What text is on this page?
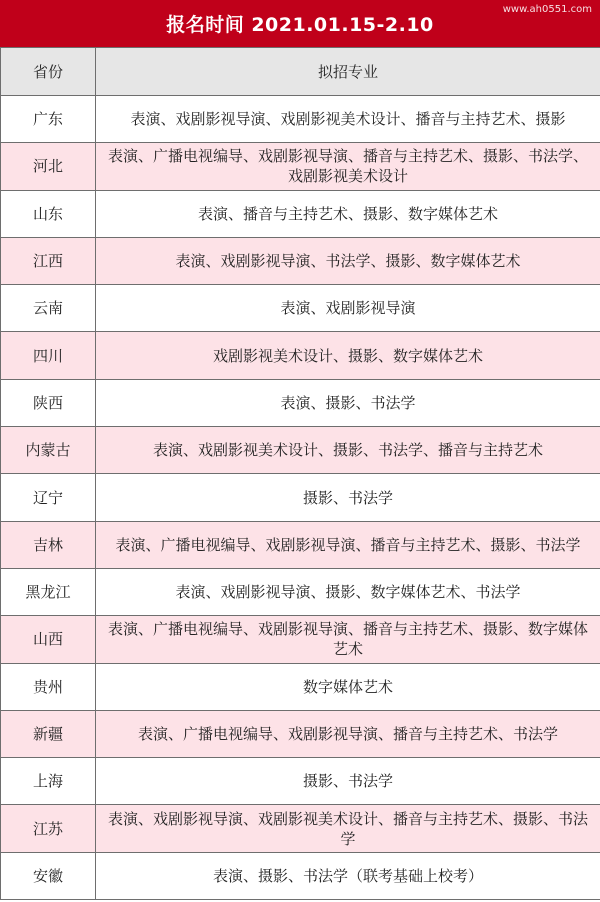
报名时间 2021.01.15-2.10
www.ah0551.com
省份	拟招专业
广东	表演、戏剧影视导演、戏剧影视美术设计、播音与主持艺术、摄影
河北	表演、广播电视编导、戏剧影视导演、播音与主持艺术、摄影、书法学、戏剧影视美术设计
山东	表演、播音与主持艺术、摄影、数字媒体艺术
江西	表演、戏剧影视导演、书法学、摄影、数字媒体艺术
云南	表演、戏剧影视导演
四川	戏剧影视美术设计、摄影、数字媒体艺术
陕西	表演、摄影、书法学
内蒙古	表演、戏剧影视美术设计、摄影、书法学、播音与主持艺术
辽宁	摄影、书法学
吉林	表演、广播电视编导、戏剧影视导演、播音与主持艺术、摄影、书法学
黑龙江	表演、戏剧影视导演、摄影、数字媒体艺术、书法学
山西	表演、广播电视编导、戏剧影视导演、播音与主持艺术、摄影、数字媒体艺术
贵州	数字媒体艺术
新疆	表演、广播电视编导、戏剧影视导演、播音与主持艺术、书法学
上海	摄影、书法学
江苏	表演、戏剧影视导演、戏剧影视美术设计、播音与主持艺术、摄影、书法学
安徽	表演、摄影、书法学（联考基础上校考）
